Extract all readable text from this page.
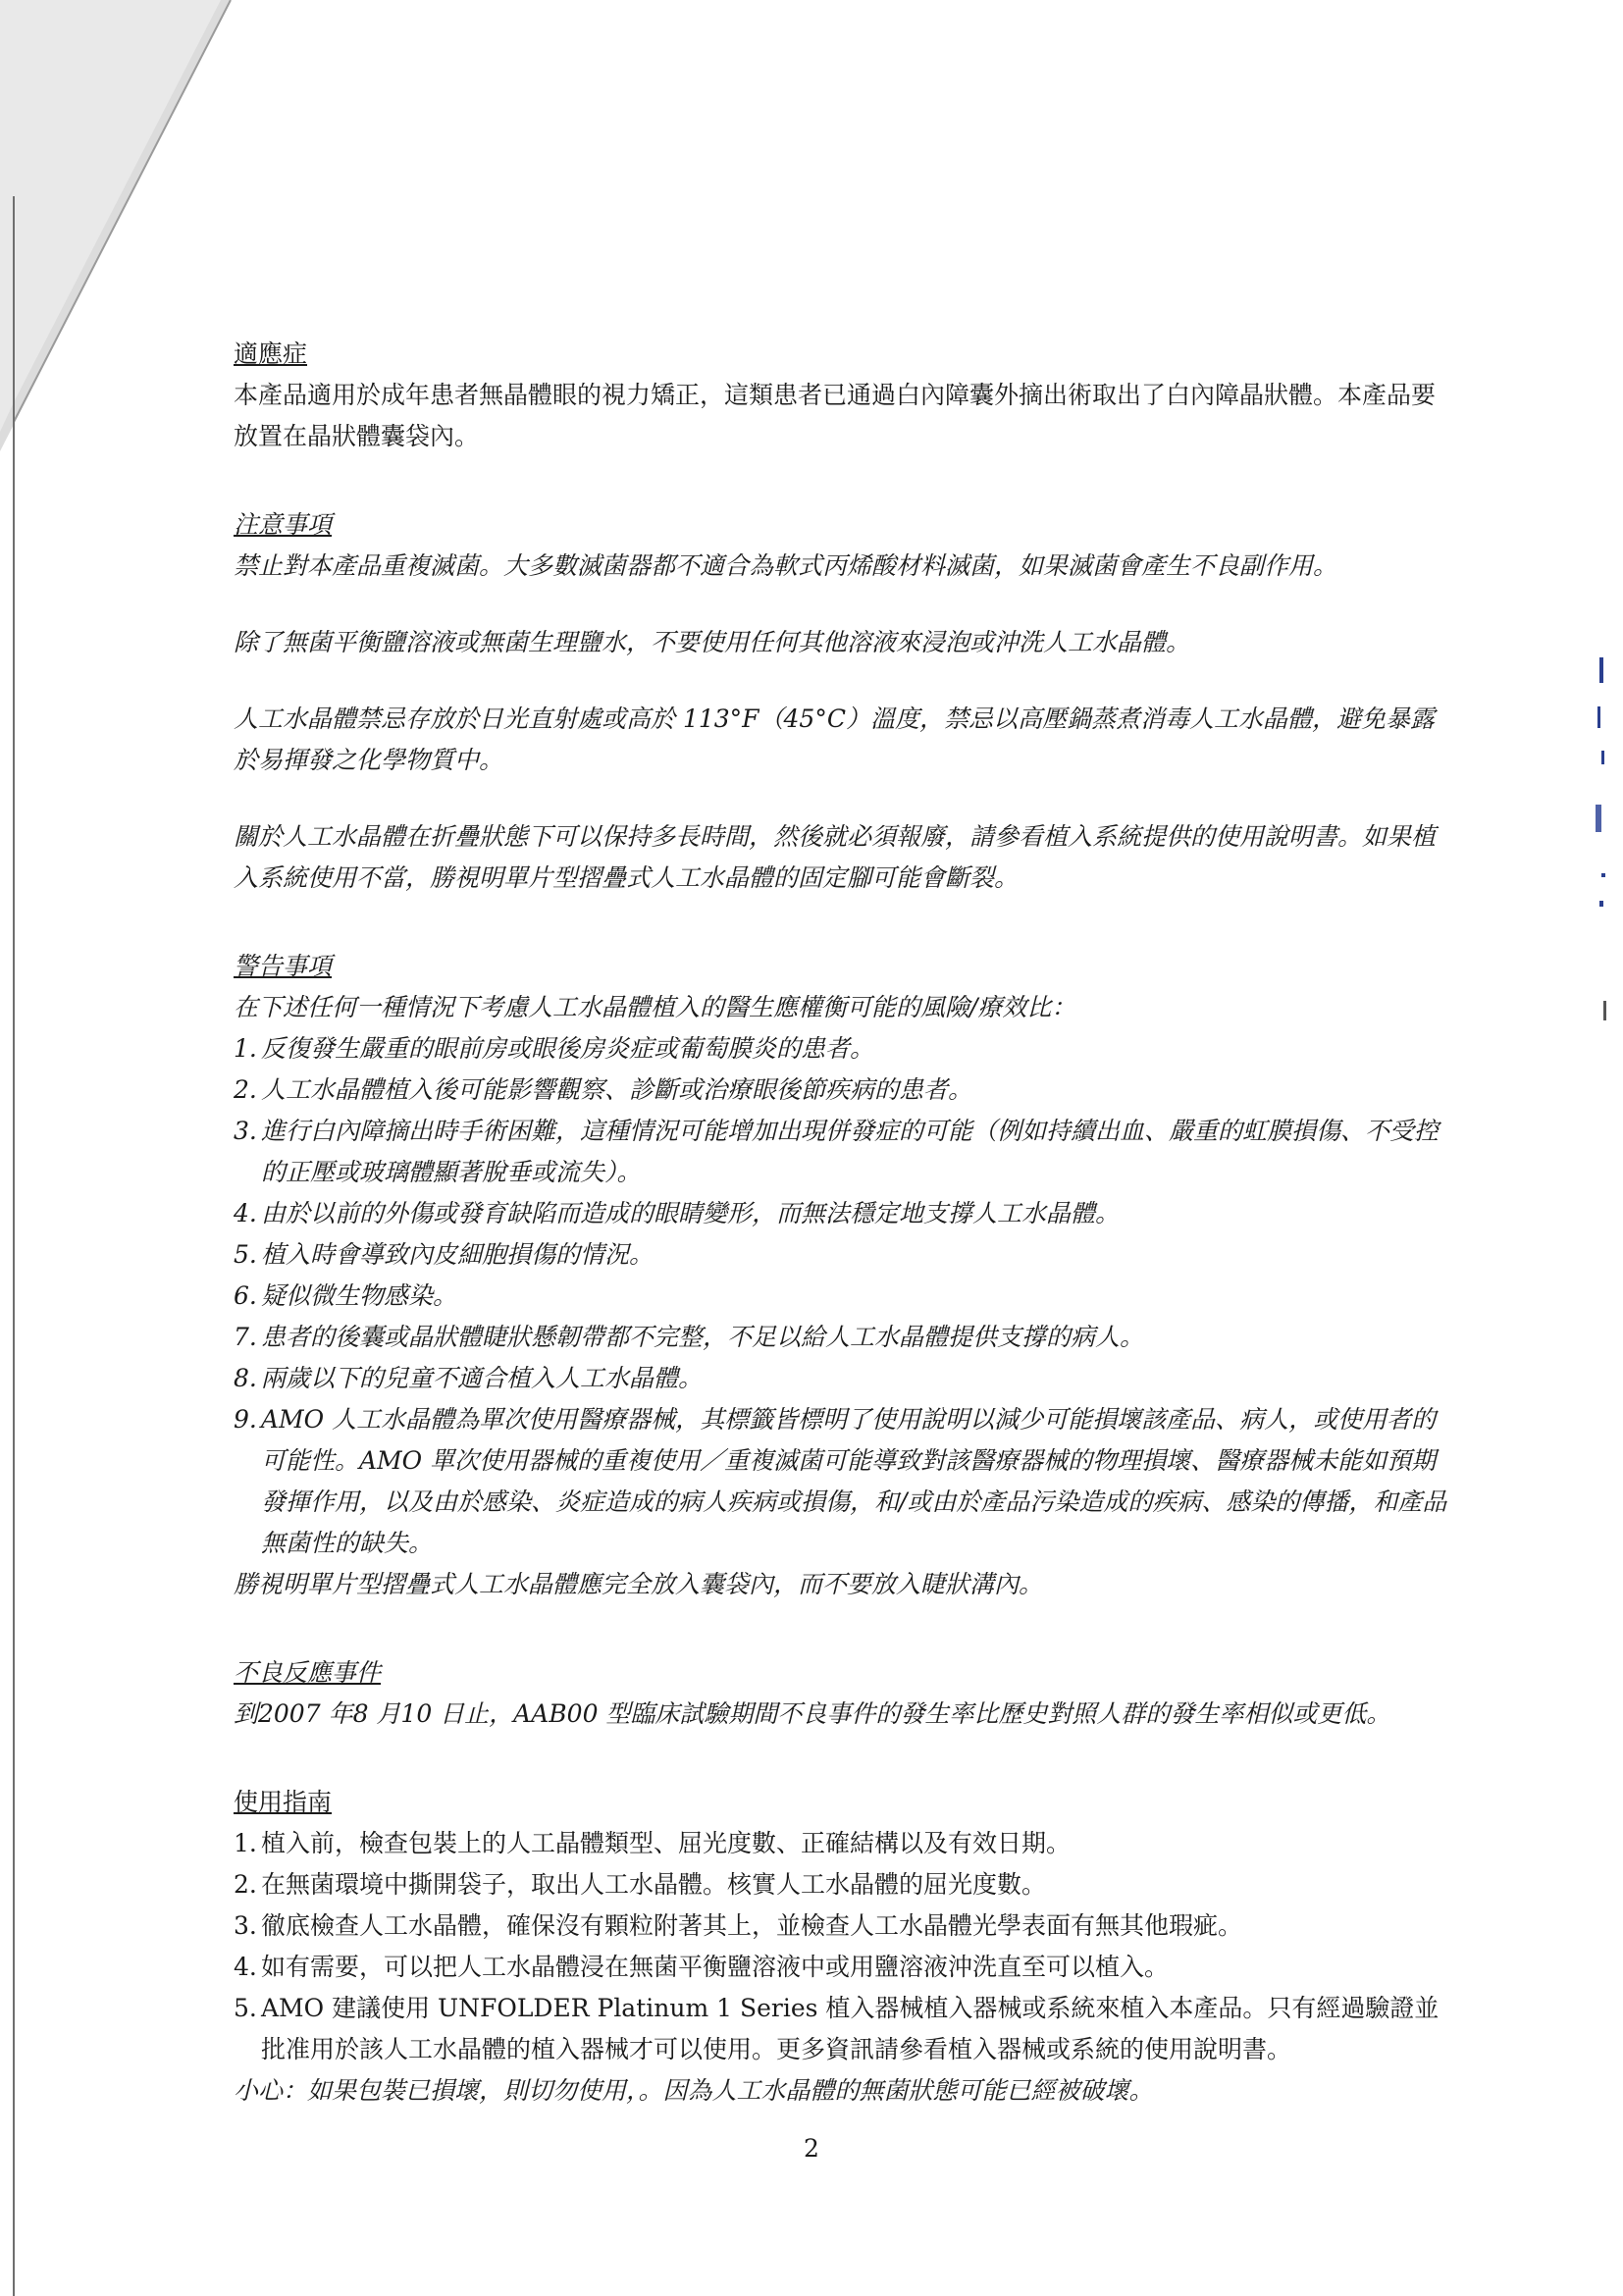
適應症

本產品適用於成年患者無晶體眼的視力矯正，這類患者已通過白內障囊外摘出術取出了白內障晶狀體。本產品要放置在晶狀體囊袋內。

注意事項

禁止對本產品重複滅菌。大多數滅菌器都不適合為軟式丙烯酸材料滅菌，如果滅菌會產生不良副作用。

除了無菌平衡鹽溶液或無菌生理鹽水，不要使用任何其他溶液來浸泡或沖洗人工水晶體。

人工水晶體禁忌存放於日光直射處或高於 113°F（45°C）溫度，禁忌以高壓鍋蒸煮消毒人工水晶體，避免暴露於易揮發之化學物質中。

關於人工水晶體在折疊狀態下可以保持多長時間，然後就必須報廢，請參看植入系統提供的使用說明書。如果植入系統使用不當，勝視明單片型摺疊式人工水晶體的固定腳可能會斷裂。

警告事項

在下述任何一種情況下考慮人工水晶體植入的醫生應權衡可能的風險/療效比：

1. 反復發生嚴重的眼前房或眼後房炎症或葡萄膜炎的患者。
2. 人工水晶體植入後可能影響觀察、診斷或治療眼後節疾病的患者。
3. 進行白內障摘出時手術困難，這種情況可能增加出現併發症的可能（例如持續出血、嚴重的虹膜損傷、不受控的正壓或玻璃體顯著脫垂或流失）。
4. 由於以前的外傷或發育缺陷而造成的眼睛變形，而無法穩定地支撐人工水晶體。
5. 植入時會導致內皮細胞損傷的情況。
6. 疑似微生物感染。
7. 患者的後囊或晶狀體睫狀懸韌帶都不完整，不足以給人工水晶體提供支撐的病人。
8. 兩歲以下的兒童不適合植入人工水晶體。
9. AMO 人工水晶體為單次使用醫療器械，其標籤皆標明了使用說明以減少可能損壞該產品、病人，或使用者的可能性。AMO 單次使用器械的重複使用／重複滅菌可能導致對該醫療器械的物理損壞、醫療器械未能如預期發揮作用，以及由於感染、炎症造成的病人疾病或損傷，和/或由於產品污染造成的疾病、感染的傳播，和產品無菌性的缺失。

勝視明單片型摺疊式人工水晶體應完全放入囊袋內，而不要放入睫狀溝內。

不良反應事件

到2007 年8 月10 日止，AAB00 型臨床試驗期間不良事件的發生率比歷史對照人群的發生率相似或更低。

使用指南
1. 植入前，檢查包裝上的人工晶體類型、屈光度數、正確結構以及有效日期。
2. 在無菌環境中撕開袋子，取出人工水晶體。核實人工水晶體的屈光度數。
3. 徹底檢查人工水晶體，確保沒有顆粒附著其上，並檢查人工水晶體光學表面有無其他瑕疵。
4. 如有需要，可以把人工水晶體浸在無菌平衡鹽溶液中或用鹽溶液沖洗直至可以植入。
5. AMO 建議使用 UNFOLDER Platinum 1 Series 植入器械植入器械或系統來植入本產品。只有經過驗證並批准用於該人工水晶體的植入器械才可以使用。更多資訊請參看植入器械或系統的使用說明書。

小心：如果包裝已損壞，則切勿使用，。因為人工水晶體的無菌狀態可能已經被破壞。

2
